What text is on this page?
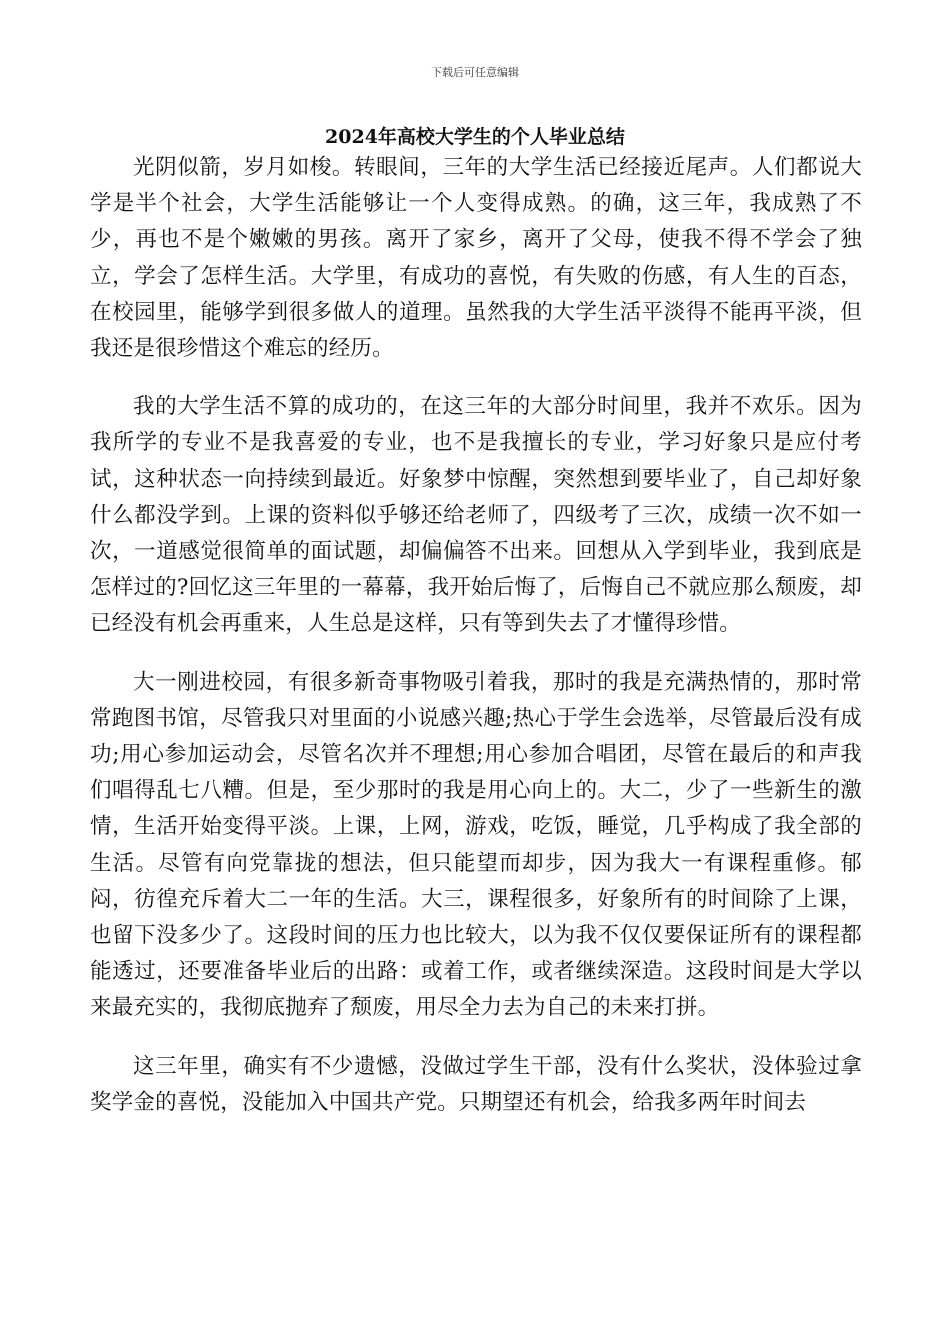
下载后可任意编辑
2024年高校大学生的个人毕业总结

光阴似箭，岁月如梭。转眼间，三年的大学生活已经接近尾声。人们都说大学是半个社会，大学生活能够让一个人变得成熟。的确，这三年，我成熟了不少，再也不是个嫩嫩的男孩。离开了家乡，离开了父母，使我不得不学会了独立，学会了怎样生活。大学里，有成功的喜悦，有失败的伤感，有人生的百态，在校园里，能够学到很多做人的道理。虽然我的大学生活平淡得不能再平淡，但我还是很珍惜这个难忘的经历。

我的大学生活不算的成功的，在这三年的大部分时间里，我并不欢乐。因为我所学的专业不是我喜爱的专业，也不是我擅长的专业，学习好象只是应付考试，这种状态一向持续到最近。好象梦中惊醒，突然想到要毕业了，自己却好象什么都没学到。上课的资料似乎够还给老师了，四级考了三次，成绩一次不如一次，一道感觉很简单的面试题，却偏偏答不出来。回想从入学到毕业，我到底是怎样过的?回忆这三年里的一幕幕，我开始后悔了，后悔自己不就应那么颓废，却已经没有机会再重来，人生总是这样，只有等到失去了才懂得珍惜。

大一刚进校园，有很多新奇事物吸引着我，那时的我是充满热情的，那时常常跑图书馆，尽管我只对里面的小说感兴趣;热心于学生会选举，尽管最后没有成功;用心参加运动会，尽管名次并不理想;用心参加合唱团，尽管在最后的和声我们唱得乱七八糟。但是，至少那时的我是用心向上的。大二，少了一些新生的激情，生活开始变得平淡。上课，上网，游戏，吃饭，睡觉，几乎构成了我全部的生活。尽管有向党靠拢的想法，但只能望而却步，因为我大一有课程重修。郁闷，彷徨充斥着大二一年的生活。大三，课程很多，好象所有的时间除了上课，也留下没多少了。这段时间的压力也比较大，以为我不仅仅要保证所有的课程都能透过，还要准备毕业后的出路：或着工作，或者继续深造。这段时间是大学以来最充实的，我彻底抛弃了颓废，用尽全力去为自己的未来打拼。

这三年里，确实有不少遗憾，没做过学生干部，没有什么奖状，没体验过拿奖学金的喜悦，没能加入中国共产党。只期望还有机会，给我多两年时间去
